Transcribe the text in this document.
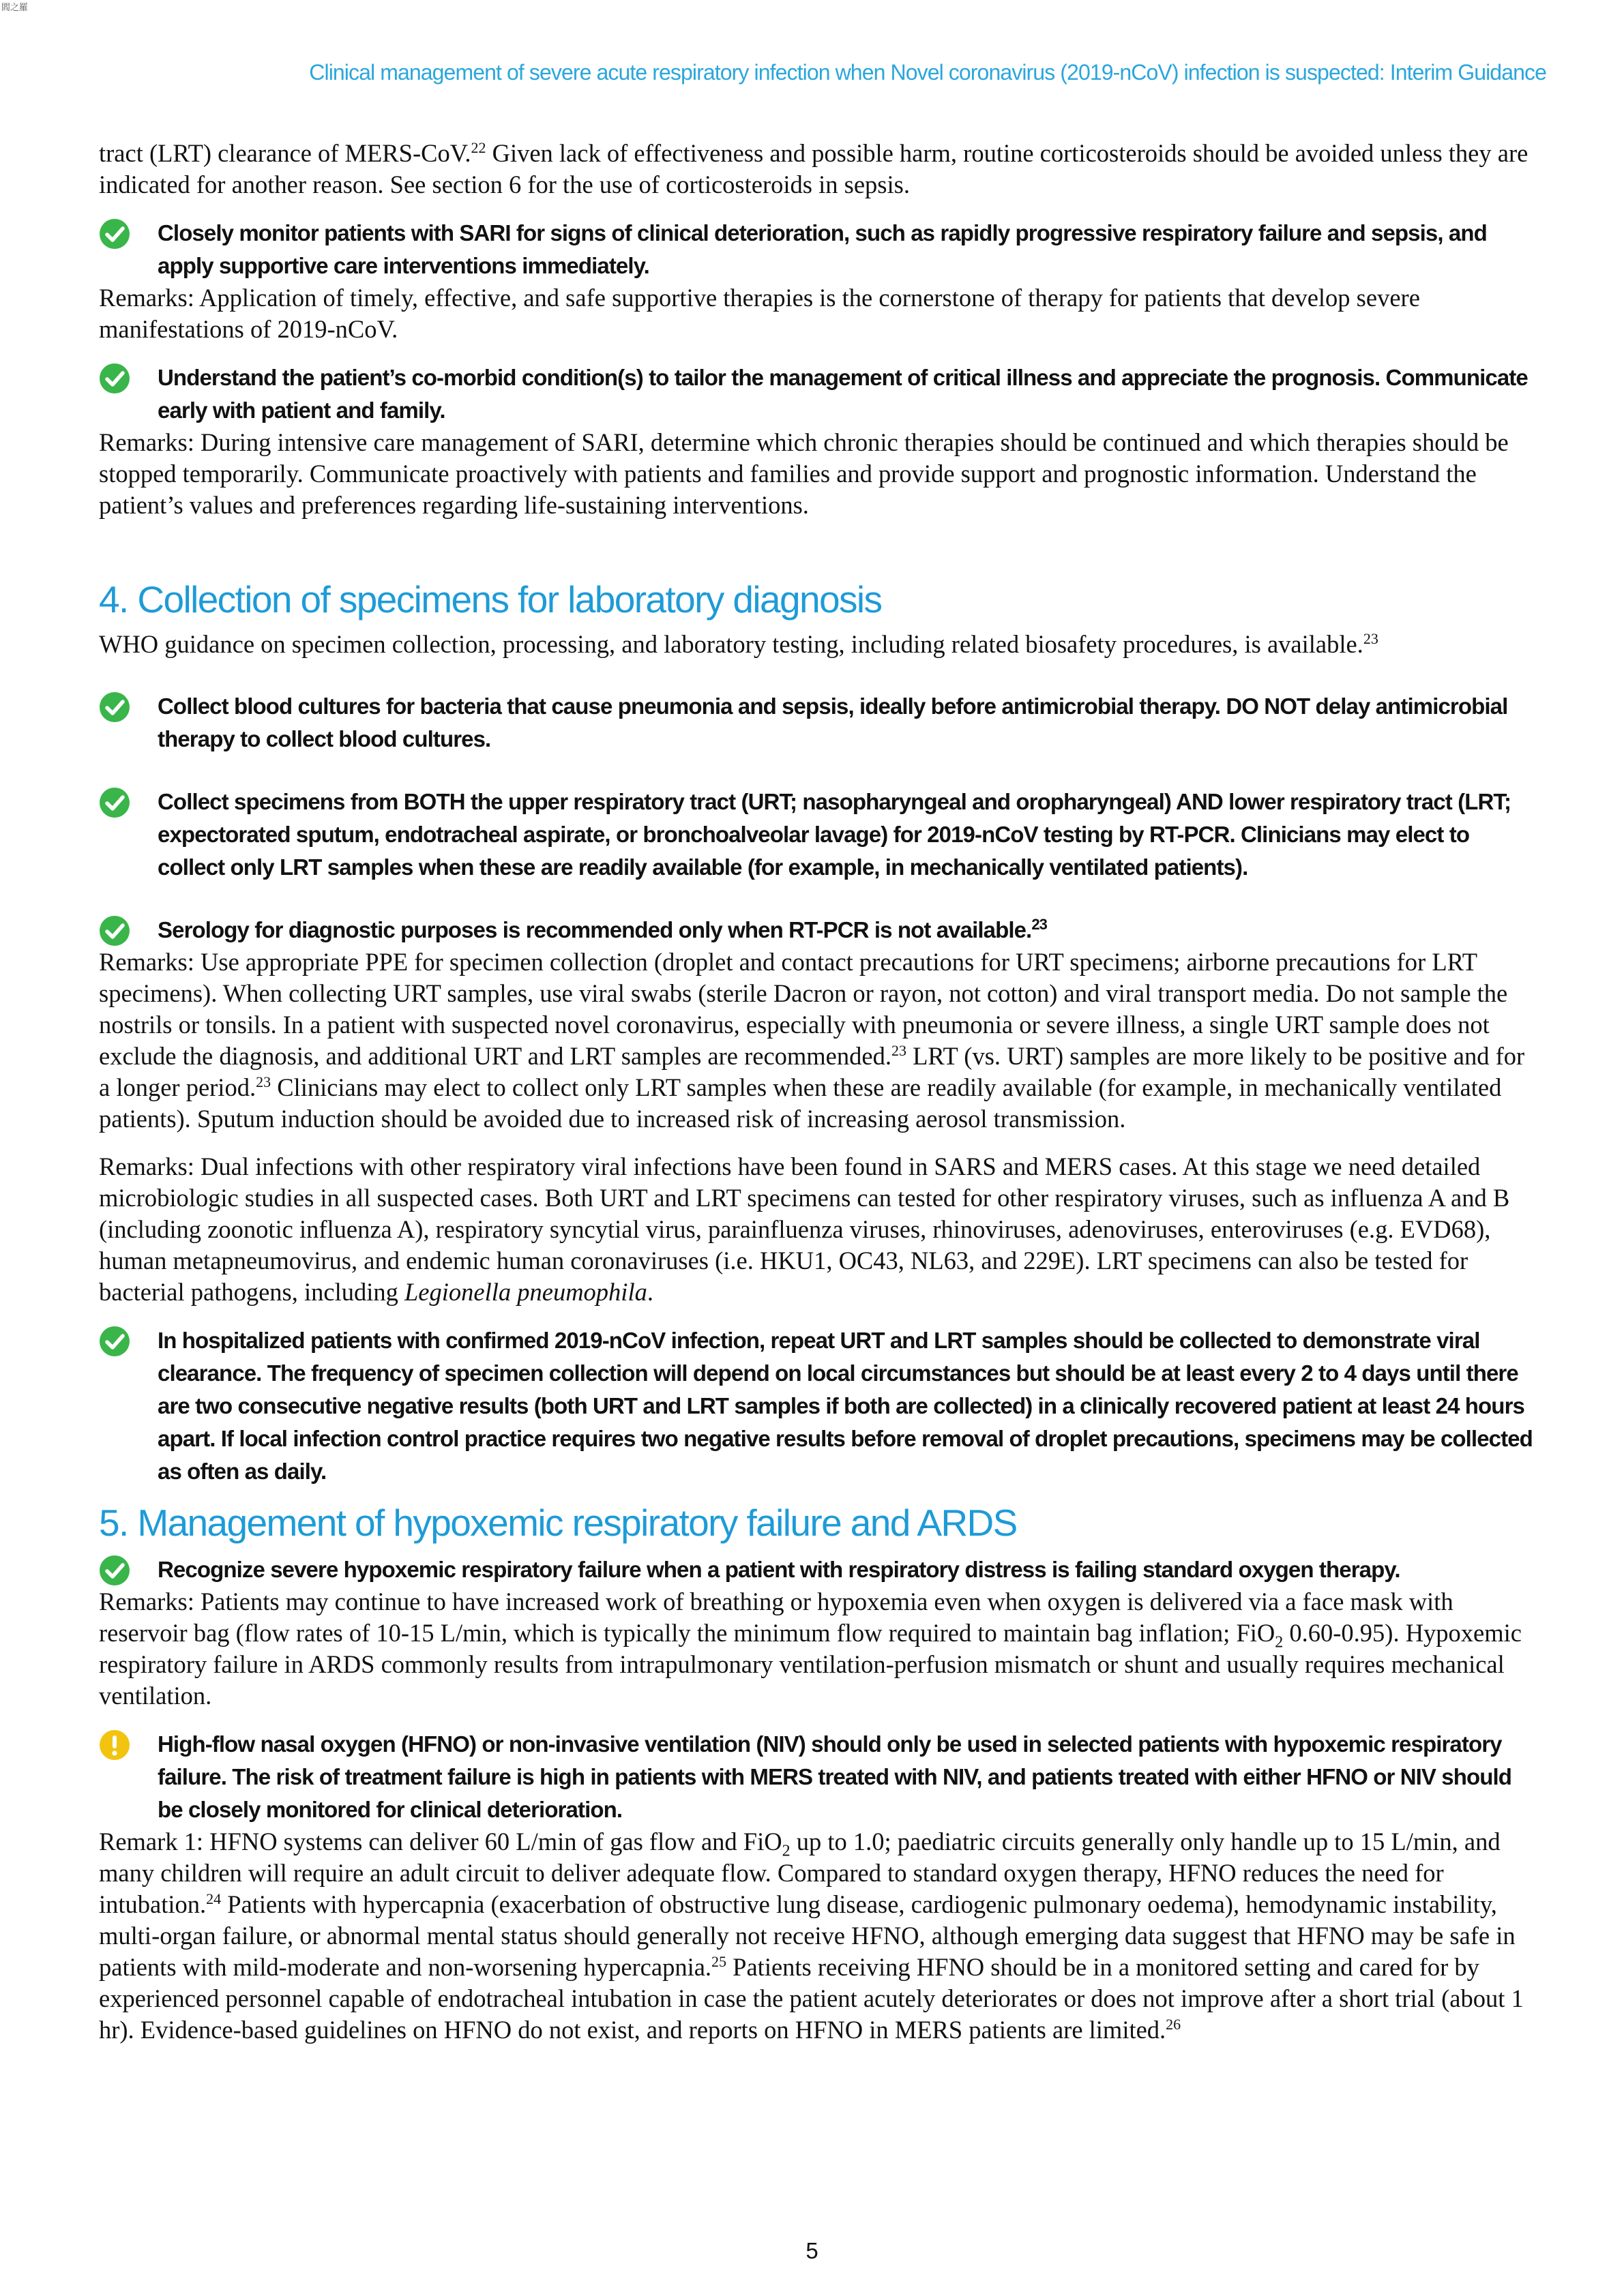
閻之羅
Clinical management of severe acute respiratory infection when Novel coronavirus (2019-nCoV) infection is suspected: Interim Guidance

tract (LRT) clearance of MERS-CoV.$^{22}$ Given lack of effectiveness and possible harm, routine corticosteroids should be avoided unless they are indicated for another reason. See section 6 for the use of corticosteroids in sepsis.

Closely monitor patients with SARI for signs of clinical deterioration, such as rapidly progressive respiratory failure and sepsis, and apply supportive care interventions immediately.

Remarks: Application of timely, effective, and safe supportive therapies is the cornerstone of therapy for patients that develop severe manifestations of 2019-nCoV.

Understand the patient’s co-morbid condition(s) to tailor the management of critical illness and appreciate the prognosis. Communicate early with patient and family.

Remarks: During intensive care management of SARI, determine which chronic therapies should be continued and which therapies should be stopped temporarily. Communicate proactively with patients and families and provide support and prognostic information. Understand the patient’s values and preferences regarding life-sustaining interventions.

4. Collection of specimens for laboratory diagnosis

WHO guidance on specimen collection, processing, and laboratory testing, including related biosafety procedures, is available.$^{23}$

Collect blood cultures for bacteria that cause pneumonia and sepsis, ideally before antimicrobial therapy. DO NOT delay antimicrobial therapy to collect blood cultures.
Collect specimens from BOTH the upper respiratory tract (URT; nasopharyngeal and oropharyngeal) AND lower respiratory tract (LRT; expectorated sputum, endotracheal aspirate, or bronchoalveolar lavage) for 2019-nCoV testing by RT-PCR. Clinicians may elect to collect only LRT samples when these are readily available (for example, in mechanically ventilated patients).
Serology for diagnostic purposes is recommended only when RT-PCR is not available.$^{23}$

Remarks: Use appropriate PPE for specimen collection (droplet and contact precautions for URT specimens; airborne precautions for LRT specimens). When collecting URT samples, use viral swabs (sterile Dacron or rayon, not cotton) and viral transport media. Do not sample the nostrils or tonsils. In a patient with suspected novel coronavirus, especially with pneumonia or severe illness, a single URT sample does not exclude the diagnosis, and additional URT and LRT samples are recommended.$^{23}$ LRT (vs. URT) samples are more likely to be positive and for a longer period.$^{23}$ Clinicians may elect to collect only LRT samples when these are readily available (for example, in mechanically ventilated patients). Sputum induction should be avoided due to increased risk of increasing aerosol transmission.

Remarks: Dual infections with other respiratory viral infections have been found in SARS and MERS cases. At this stage we need detailed microbiologic studies in all suspected cases. Both URT and LRT specimens can tested for other respiratory viruses, such as influenza A and B (including zoonotic influenza A), respiratory syncytial virus, parainfluenza viruses, rhinoviruses, adenoviruses, enteroviruses (e.g. EVD68), human metapneumovirus, and endemic human coronaviruses (i.e. HKU1, OC43, NL63, and 229E). LRT specimens can also be tested for bacterial pathogens, including Legionella pneumophila.

In hospitalized patients with confirmed 2019-nCoV infection, repeat URT and LRT samples should be collected to demonstrate viral clearance. The frequency of specimen collection will depend on local circumstances but should be at least every 2 to 4 days until there are two consecutive negative results (both URT and LRT samples if both are collected) in a clinically recovered patient at least 24 hours apart. If local infection control practice requires two negative results before removal of droplet precautions, specimens may be collected as often as daily.
5. Management of hypoxemic respiratory failure and ARDS
Recognize severe hypoxemic respiratory failure when a patient with respiratory distress is failing standard oxygen therapy.

Remarks: Patients may continue to have increased work of breathing or hypoxemia even when oxygen is delivered via a face mask with reservoir bag (flow rates of 10-15 L/min, which is typically the minimum flow required to maintain bag inflation; FiO$_2$ 0.60-0.95). Hypoxemic respiratory failure in ARDS commonly results from intrapulmonary ventilation-perfusion mismatch or shunt and usually requires mechanical ventilation.

High-flow nasal oxygen (HFNO) or non-invasive ventilation (NIV) should only be used in selected patients with hypoxemic respiratory failure. The risk of treatment failure is high in patients with MERS treated with NIV, and patients treated with either HFNO or NIV should be closely monitored for clinical deterioration.

Remark 1: HFNO systems can deliver 60 L/min of gas flow and FiO$_2$ up to 1.0; paediatric circuits generally only handle up to 15 L/min, and many children will require an adult circuit to deliver adequate flow. Compared to standard oxygen therapy, HFNO reduces the need for intubation.$^{24}$ Patients with hypercapnia (exacerbation of obstructive lung disease, cardiogenic pulmonary oedema), hemodynamic instability, multi-organ failure, or abnormal mental status should generally not receive HFNO, although emerging data suggest that HFNO may be safe in patients with mild-moderate and non-worsening hypercapnia.$^{25}$ Patients receiving HFNO should be in a monitored setting and cared for by experienced personnel capable of endotracheal intubation in case the patient acutely deteriorates or does not improve after a short trial (about 1 hr). Evidence-based guidelines on HFNO do not exist, and reports on HFNO in MERS patients are limited.$^{26}$

5
